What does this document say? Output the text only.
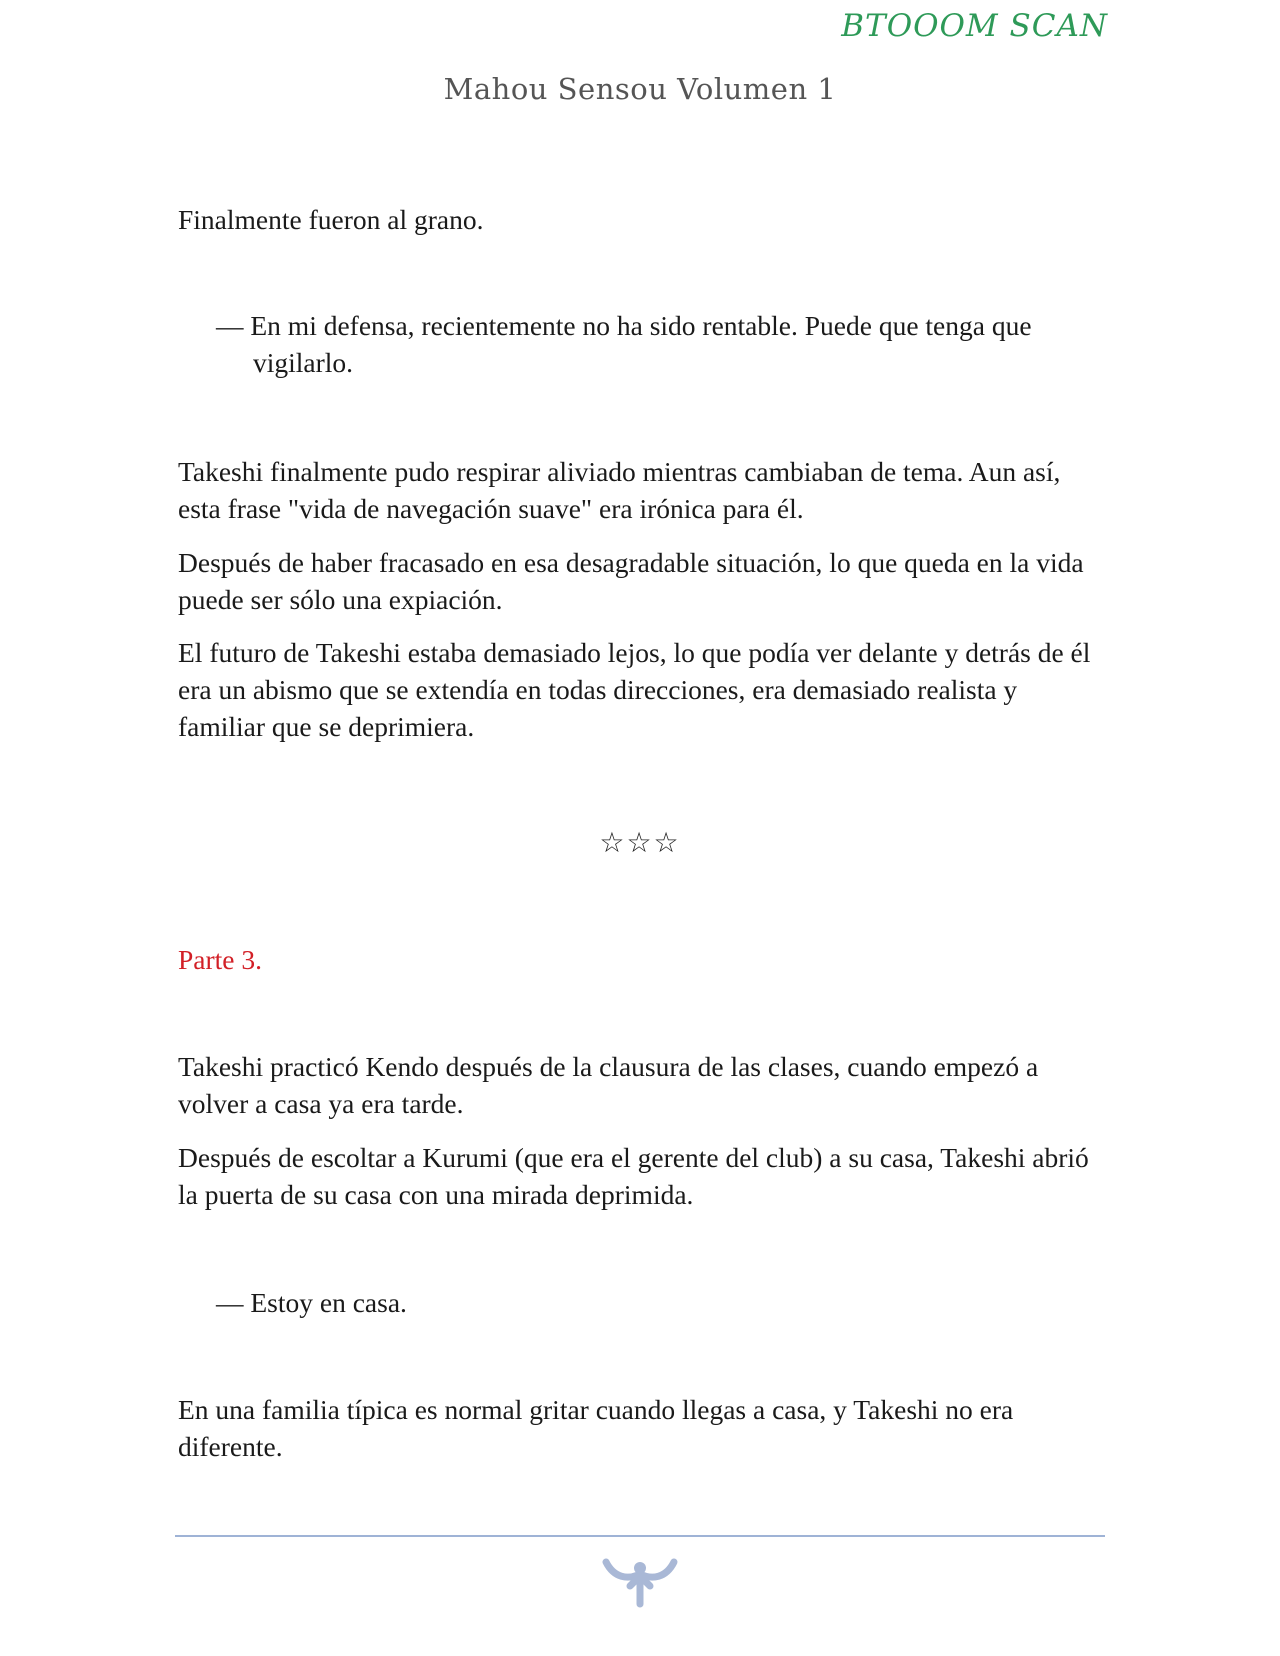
BTOOOM SCAN
Mahou Sensou Volumen 1

Finalmente fueron al grano.

— En mi defensa, recientemente no ha sido rentable. Puede que tenga que vigilarlo.

Takeshi finalmente pudo respirar aliviado mientras cambiaban de tema. Aun así, esta frase "vida de navegación suave" era irónica para él.

Después de haber fracasado en esa desagradable situación, lo que queda en la vida puede ser sólo una expiación.

El futuro de Takeshi estaba demasiado lejos, lo que podía ver delante y detrás de él era un abismo que se extendía en todas direcciones, era demasiado realista y familiar que se deprimiera.

Parte 3.

Takeshi practicó Kendo después de la clausura de las clases, cuando empezó a volver a casa ya era tarde.

Después de escoltar a Kurumi (que era el gerente del club) a su casa, Takeshi abrió la puerta de su casa con una mirada deprimida.

— Estoy en casa.

En una familia típica es normal gritar cuando llegas a casa, y Takeshi no era diferente.

☆☆☆
